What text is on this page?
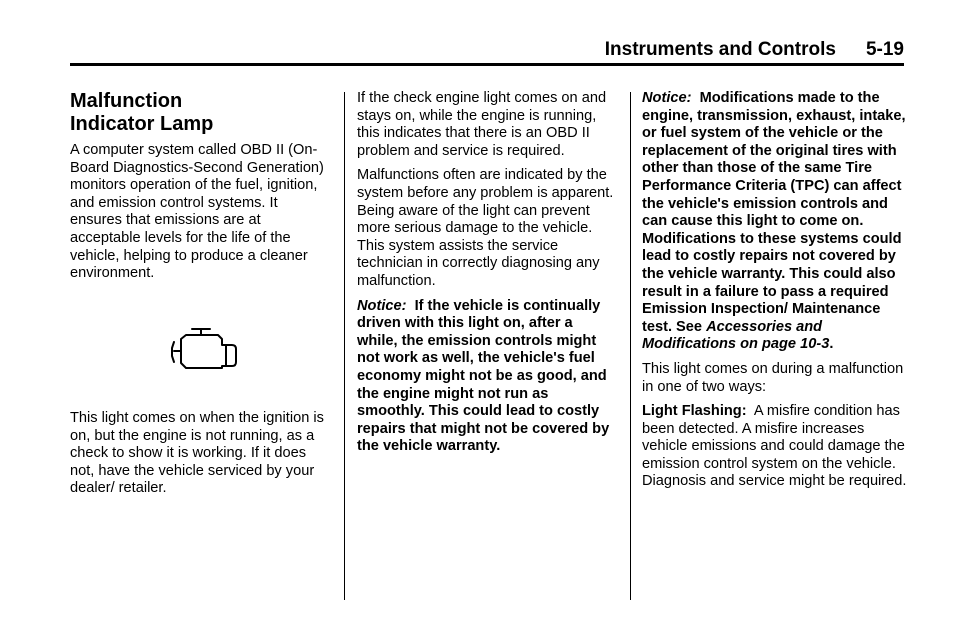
Instruments and Controls 5-19
Malfunction
Indicator Lamp

A computer system called OBD II (On-Board Diagnostics-Second Generation) monitors operation of the fuel, ignition, and emission control systems. It ensures that emissions are at acceptable levels for the life of the vehicle, helping to produce a cleaner environment.

This light comes on when the ignition is on, but the engine is not running, as a check to show it is working. If it does not, have the vehicle serviced by your dealer/ retailer.

If the check engine light comes on and stays on, while the engine is running, this indicates that there is an OBD II problem and service is required.

Malfunctions often are indicated by the system before any problem is apparent. Being aware of the light can prevent more serious damage to the vehicle. This system assists the service technician in correctly diagnosing any malfunction.

Notice: If the vehicle is continually driven with this light on, after a while, the emission controls might not work as well, the vehicle's fuel economy might not be as good, and the engine might not run as smoothly. This could lead to costly repairs that might not be covered by the vehicle warranty.

Notice: Modifications made to the engine, transmission, exhaust, intake, or fuel system of the vehicle or the replacement of the original tires with other than those of the same Tire Performance Criteria (TPC) can affect the vehicle's emission controls and can cause this light to come on. Modifications to these systems could lead to costly repairs not covered by the vehicle warranty. This could also result in a failure to pass a required Emission Inspection/ Maintenance test. See Accessories and Modifications on page 10-3.

This light comes on during a malfunction in one of two ways:

Light Flashing: A misfire condition has been detected. A misfire increases vehicle emissions and could damage the emission control system on the vehicle. Diagnosis and service might be required.
